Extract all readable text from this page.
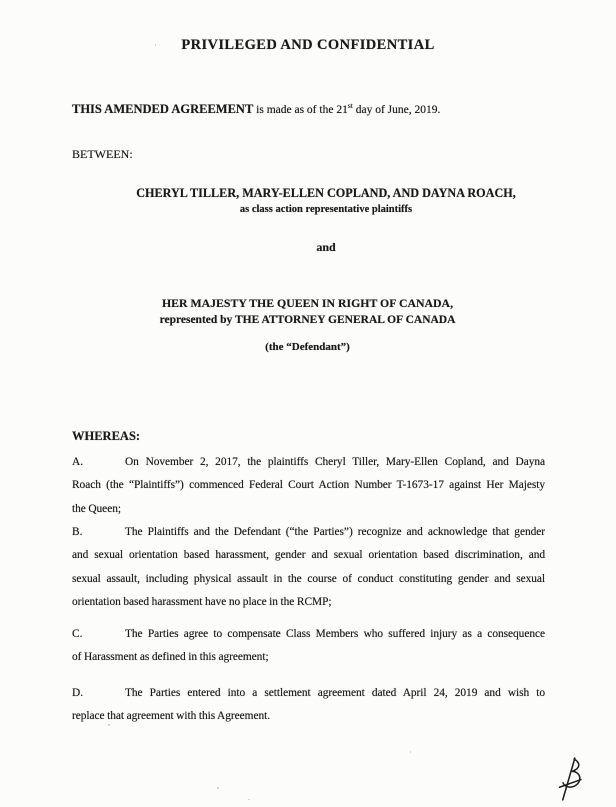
PRIVILEGED AND CONFIDENTIAL
THIS AMENDED AGREEMENT is made as of the 21st day of June, 2019.
BETWEEN:
CHERYL TILLER, MARY-ELLEN COPLAND, AND DAYNA ROACH,
as class action representative plaintiffs
and
HER MAJESTY THE QUEEN IN RIGHT OF CANADA,
represented by THE ATTORNEY GENERAL OF CANADA
(the “Defendant”)
WHEREAS:
A.	On November 2, 2017, the plaintiffs Cheryl Tiller, Mary-Ellen Copland, and Dayna
Roach (the “Plaintiffs”) commenced Federal Court Action Number T-1673-17 against Her Majesty
the Queen;
B.	The Plaintiffs and the Defendant (“the Parties”) recognize and acknowledge that gender
and sexual orientation based harassment, gender and sexual orientation based discrimination, and
sexual assault, including physical assault in the course of conduct constituting gender and sexual
orientation based harassment have no place in the RCMP;
C.	The Parties agree to compensate Class Members who suffered injury as a consequence
of Harassment as defined in this agreement;
D.	The Parties entered into a settlement agreement dated April 24, 2019 and wish to
replace that agreement with this Agreement.
